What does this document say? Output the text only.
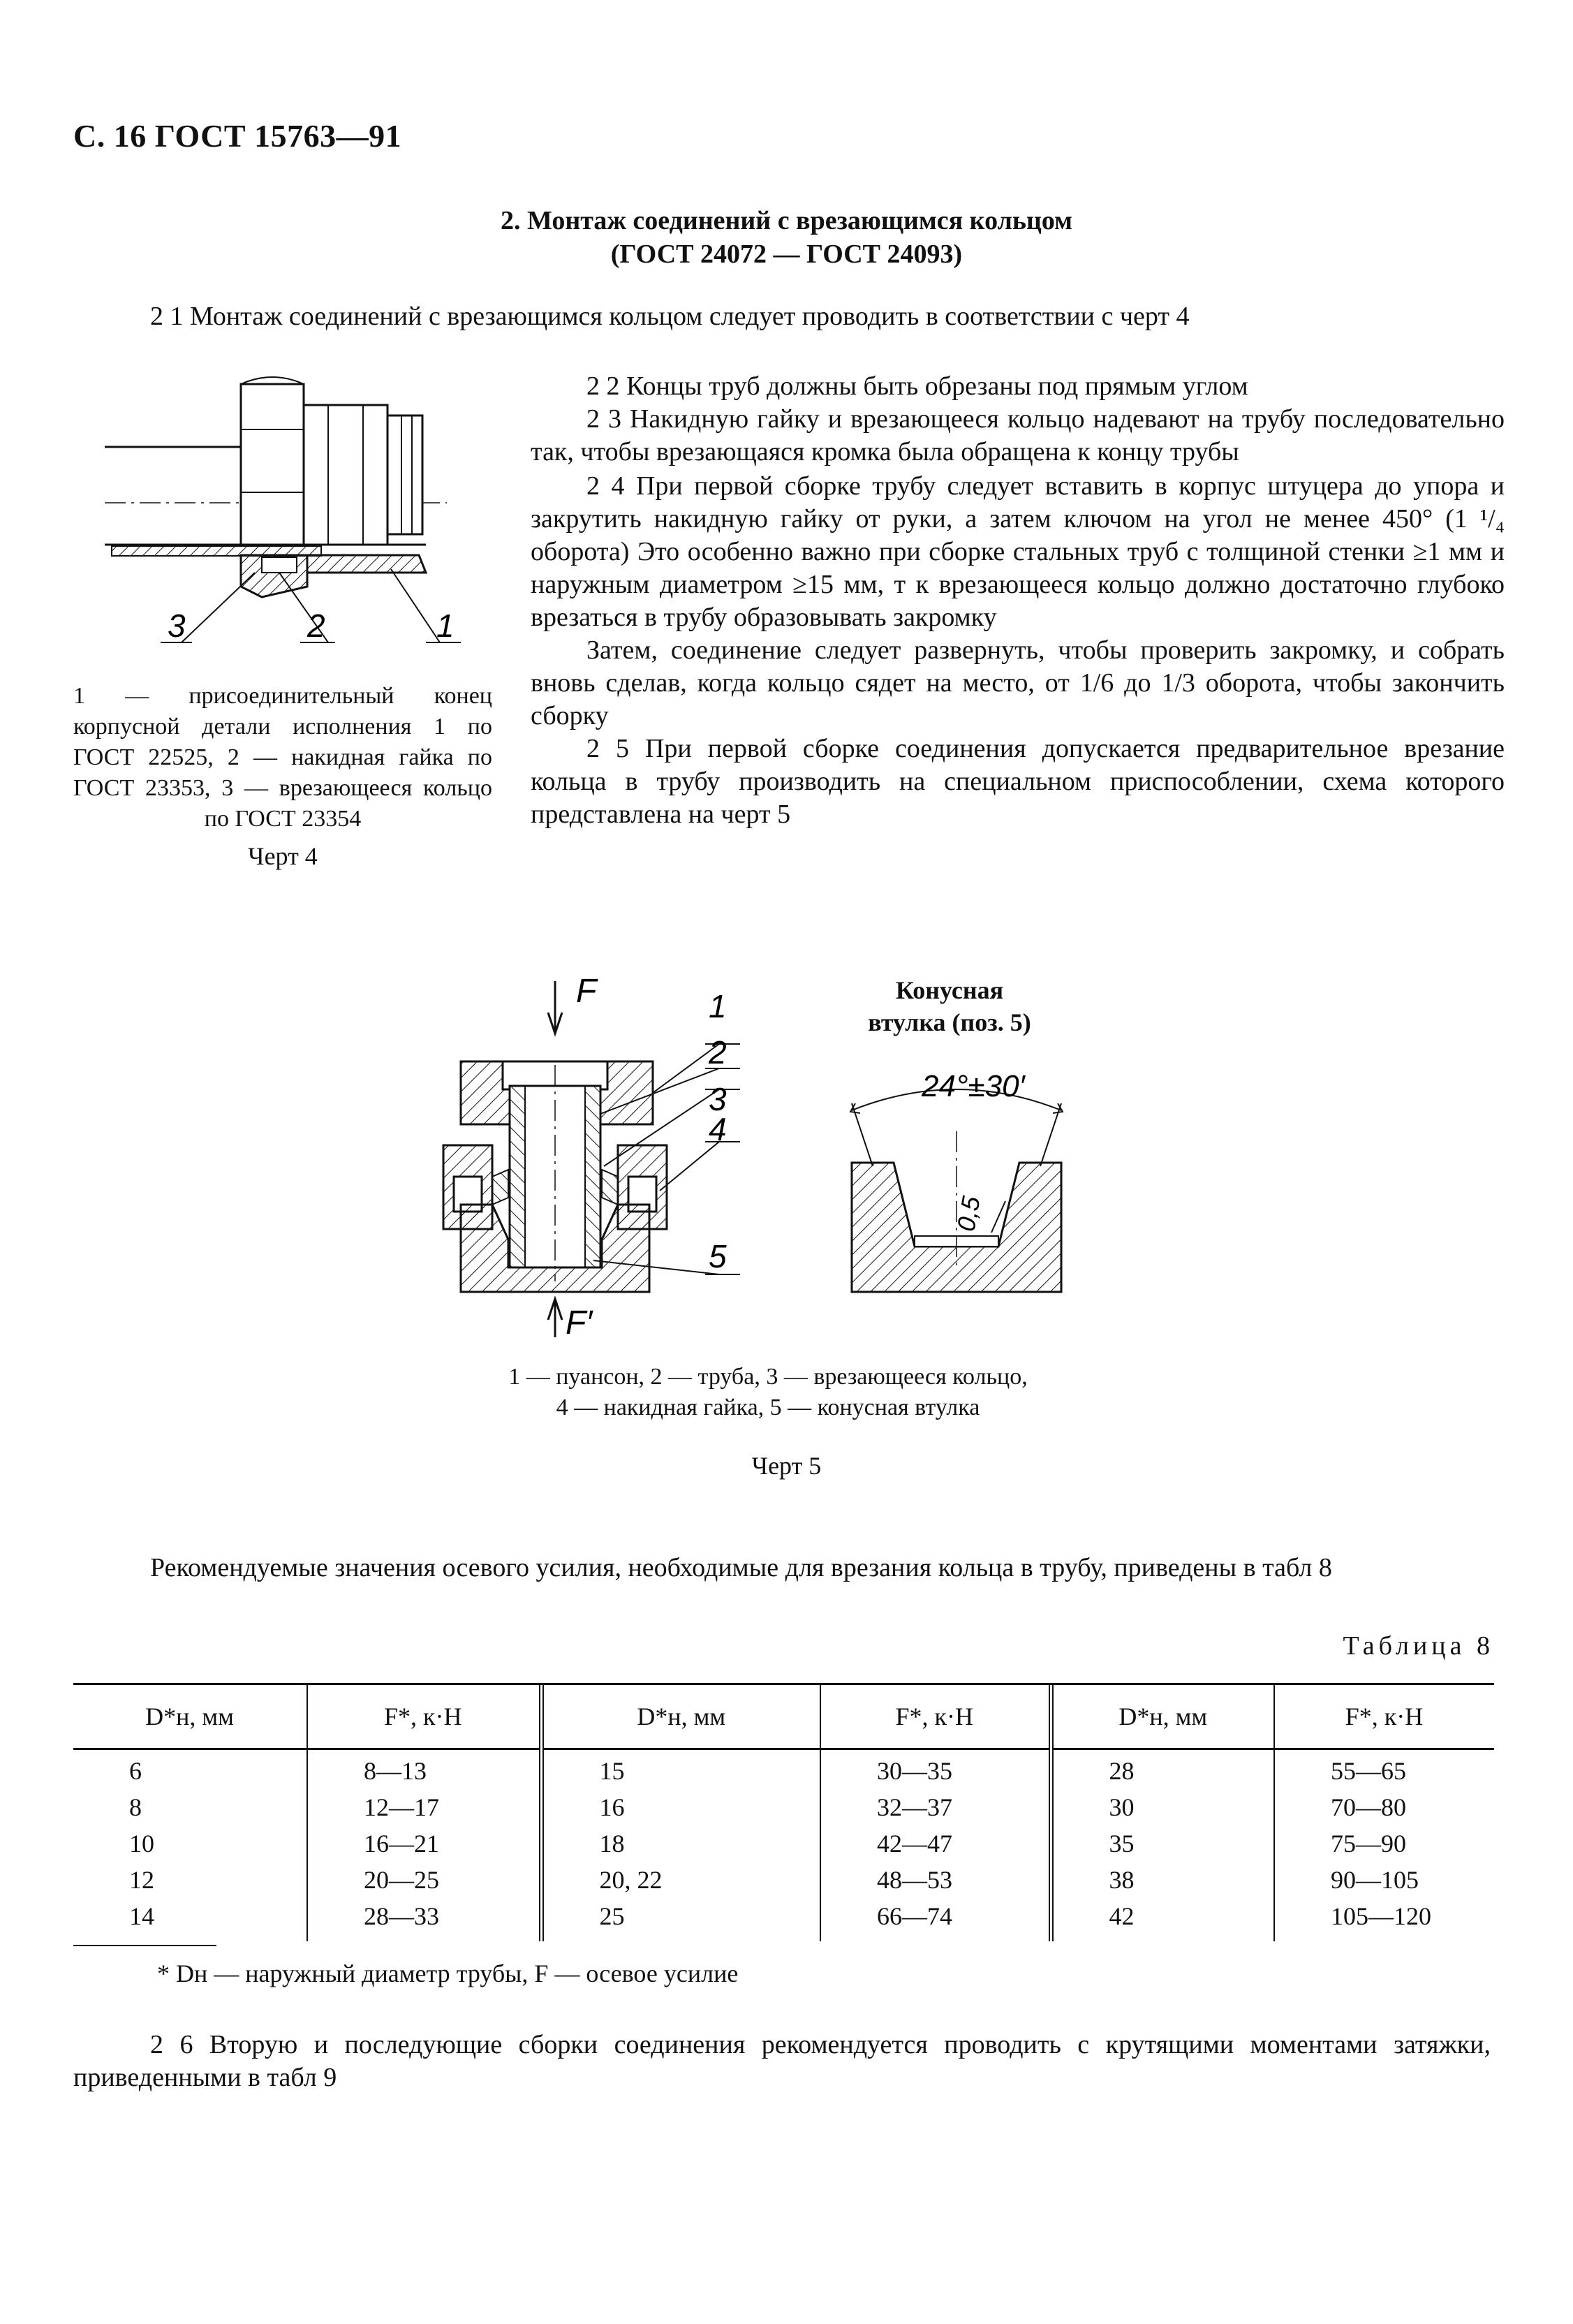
С. 16 ГОСТ 15763—91
2. Монтаж соединений с врезающимся кольцом
(ГОСТ 24072 — ГОСТ 24093)
2 1 Монтаж соединений с врезающимся кольцом следует проводить в соответствии с черт 4
3	2	1
1 — присоединительный конец корпусной детали исполнения 1 по ГОСТ 22525, 2 — накидная гайка по ГОСТ 23353, 3 — врезающееся кольцо по ГОСТ 23354
Черт 4
2 2 Концы труб должны быть обрезаны под прямым углом
2 3 Накидную гайку и врезающееся кольцо надевают на трубу последовательно так, чтобы врезающаяся кромка была обращена к концу трубы
2 4 При первой сборке трубу следует вставить в корпус штуцера до упора и закрутить накидную гайку от руки, а затем ключом на угол не менее 450° (1 ¹/₄ оборота) Это особенно важно при сборке стальных труб с толщиной стенки ≥1 мм и наружным диаметром ≥15 мм, т к врезающееся кольцо должно достаточно глубоко врезаться в трубу образовывать закромку
Затем, соединение следует развернуть, чтобы проверить закромку, и собрать вновь сделав, когда кольцо сядет на место, от 1/6 до 1/3 оборота, чтобы закончить сборку
2 5 При первой сборке соединения допускается предварительное врезание кольца в трубу производить на специальном приспособлении, схема которого представлена на черт 5
F	1
2
3
4
5
F′
Конусная
втулка (поз. 5)
24°±30′
0,5
1 — пуансон, 2 — труба, 3 — врезающееся кольцо,
4 — накидная гайка, 5 — конусная втулка
Черт 5
Рекомендуемые значения осевого усилия, необходимые для врезания кольца в трубу, приведены в табл 8
Таблица 8
D*н, мм	F*, к·Н	D*н, мм	F*, к·Н	D*н, мм	F*, к·Н
6	8—13	15	30—35	28	55—65
8	12—17	16	32—37	30	70—80
10	16—21	18	42—47	35	75—90
12	20—25	20, 22	48—53	38	90—105
14	28—33	25	66—74	42	105—120
* Dн — наружный диаметр трубы, F — осевое усилие
2 6 Вторую и последующие сборки соединения рекомендуется проводить с крутящими моментами затяжки, приведенными в табл 9
